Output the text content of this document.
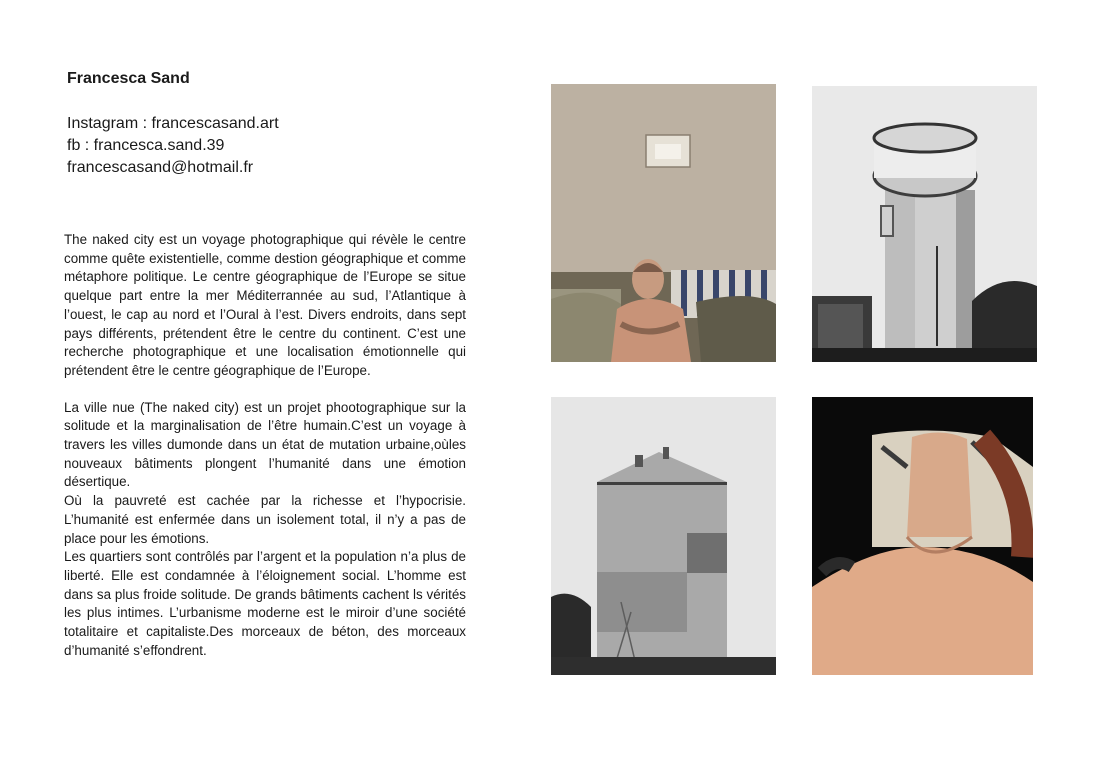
Francesca Sand
Instagram : francescasand.art
fb : francesca.sand.39
francescasand@hotmail.fr

The naked city est un voyage photographique qui révèle le centre comme quête existentielle, comme destion géographique et comme métaphore politique. Le centre géographique de l’Europe se situe quelque part entre la mer Méditerrannée au sud, l’Atlantique à l’ouest, le cap au nord et l’Oural à l’est. Divers endroits, dans sept pays différents, prétendent être le centre du continent. C’est une recherche photographique et une localisation émotionnelle qui prétendent être le centre géographique de l’Europe.

La ville nue (The naked city) est un projet phootographique sur la solitude et la marginalisation de l’être humain.C’est un voyage à travers les villes dumonde dans un état de mutation urbaine,oùles nouveaux bâtiments plongent l’humanité dans une émotion désertique.

Où la pauvreté est cachée par la richesse et l’hypocrisie. L’humanité est enfermée dans un isolement total, il n’y a pas de place pour les émotions.

Les quartiers sont contrôlés par l’argent et la population n’a plus de liberté. Elle est condamnée à l’éloignement social. L’homme est dans sa plus froide solitude. De grands bâtiments cachent ls vérités les plus intimes. L’urbanisme moderne est le miroir d’une société totalitaire et capitaliste.Des morceaux de béton, des morceaux d’humanité s’effondrent.
